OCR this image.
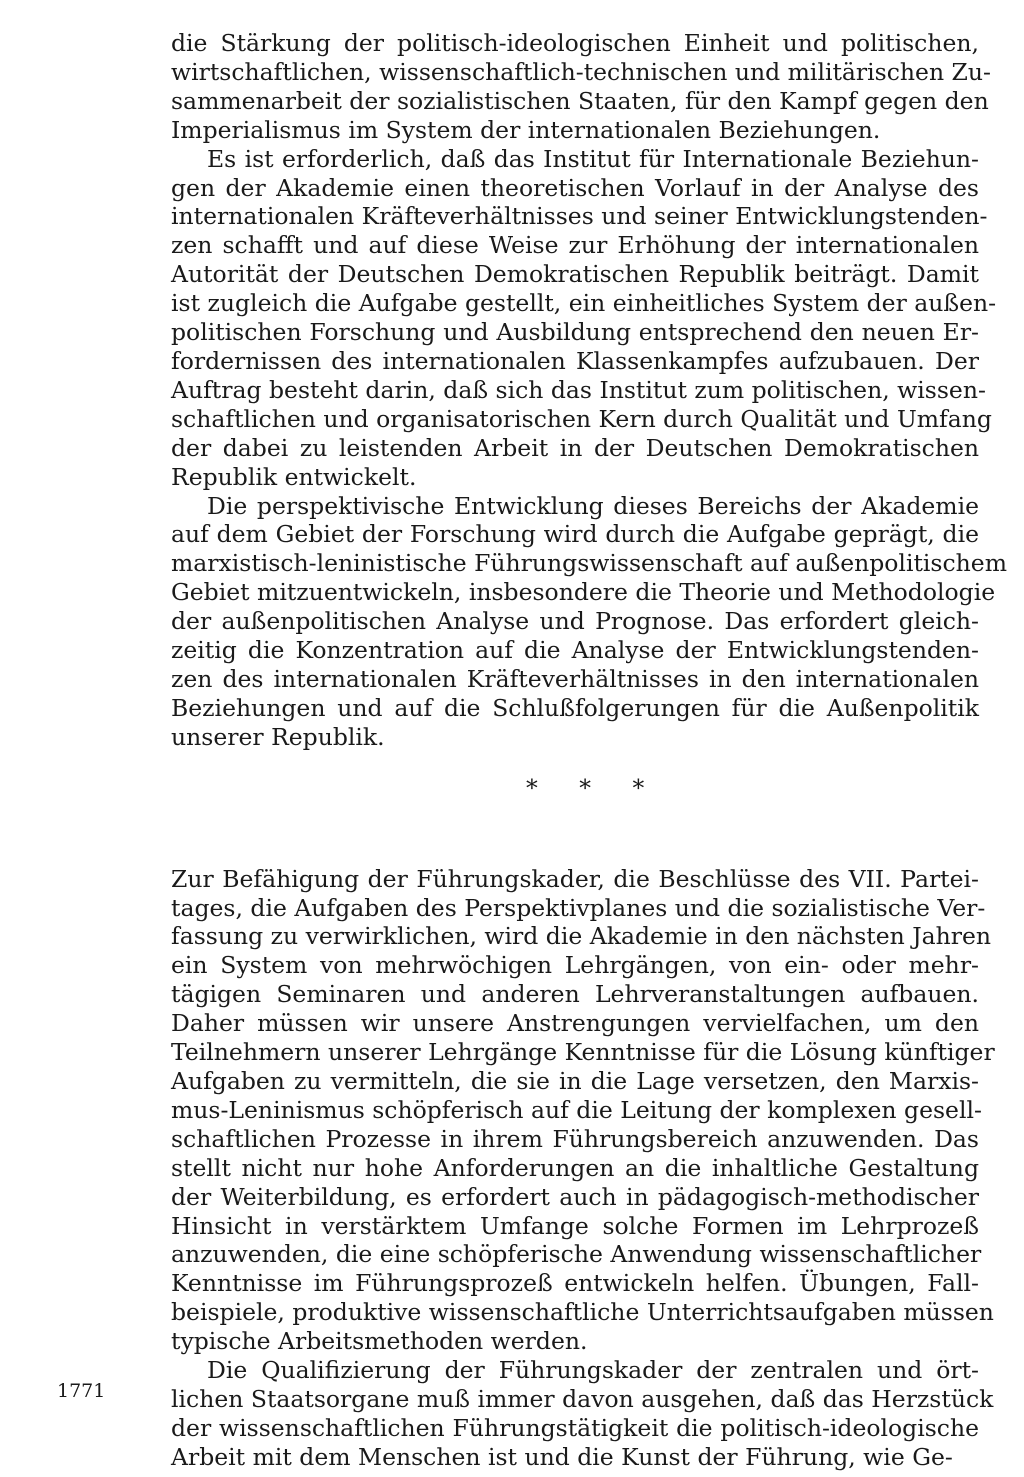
die Stärkung der politisch-ideologischen Einheit und politischen,
wirtschaftlichen, wissenschaftlich-technischen und militärischen Zu-
sammenarbeit der sozialistischen Staaten, für den Kampf gegen den
Imperialismus im System der internationalen Beziehungen.

Es ist erforderlich, daß das Institut für Internationale Beziehun-
gen der Akademie einen theoretischen Vorlauf in der Analyse des
internationalen Kräfteverhältnisses und seiner Entwicklungstenden-
zen schafft und auf diese Weise zur Erhöhung der internationalen
Autorität der Deutschen Demokratischen Republik beiträgt. Damit
ist zugleich die Aufgabe gestellt, ein einheitliches System der außen-
politischen Forschung und Ausbildung entsprechend den neuen Er-
fordernissen des internationalen Klassenkampfes aufzubauen. Der
Auftrag besteht darin, daß sich das Institut zum politischen, wissen-
schaftlichen und organisatorischen Kern durch Qualität und Umfang
der dabei zu leistenden Arbeit in der Deutschen Demokratischen
Republik entwickelt.

Die perspektivische Entwicklung dieses Bereichs der Akademie
auf dem Gebiet der Forschung wird durch die Aufgabe geprägt, die
marxistisch-leninistische Führungswissenschaft auf außenpolitischem
Gebiet mitzuentwickeln, insbesondere die Theorie und Methodologie
der außenpolitischen Analyse und Prognose. Das erfordert gleich-
zeitig die Konzentration auf die Analyse der Entwicklungstenden-
zen des internationalen Kräfteverhältnisses in den internationalen
Beziehungen und auf die Schlußfolgerungen für die Außenpolitik
unserer Republik.

* * *

Zur Befähigung der Führungskader, die Beschlüsse des VII. Partei-
tages, die Aufgaben des Perspektivplanes und die sozialistische Ver-
fassung zu verwirklichen, wird die Akademie in den nächsten Jahren
ein System von mehrwöchigen Lehrgängen, von ein- oder mehr-
tägigen Seminaren und anderen Lehrveranstaltungen aufbauen.
Daher müssen wir unsere Anstrengungen vervielfachen, um den
Teilnehmern unserer Lehrgänge Kenntnisse für die Lösung künftiger
Aufgaben zu vermitteln, die sie in die Lage versetzen, den Marxis-
mus-Leninismus schöpferisch auf die Leitung der komplexen gesell-
schaftlichen Prozesse in ihrem Führungsbereich anzuwenden. Das
stellt nicht nur hohe Anforderungen an die inhaltliche Gestaltung
der Weiterbildung, es erfordert auch in pädagogisch-methodischer
Hinsicht in verstärktem Umfange solche Formen im Lehrprozeß
anzuwenden, die eine schöpferische Anwendung wissenschaftlicher
Kenntnisse im Führungsprozeß entwickeln helfen. Übungen, Fall-
beispiele, produktive wissenschaftliche Unterrichtsaufgaben müssen
typische Arbeitsmethoden werden.

Die Qualifizierung der Führungskader der zentralen und ört-
lichen Staatsorgane muß immer davon ausgehen, daß das Herzstück
der wissenschaftlichen Führungstätigkeit die politisch-ideologische
Arbeit mit dem Menschen ist und die Kunst der Führung, wie Ge-

1771
